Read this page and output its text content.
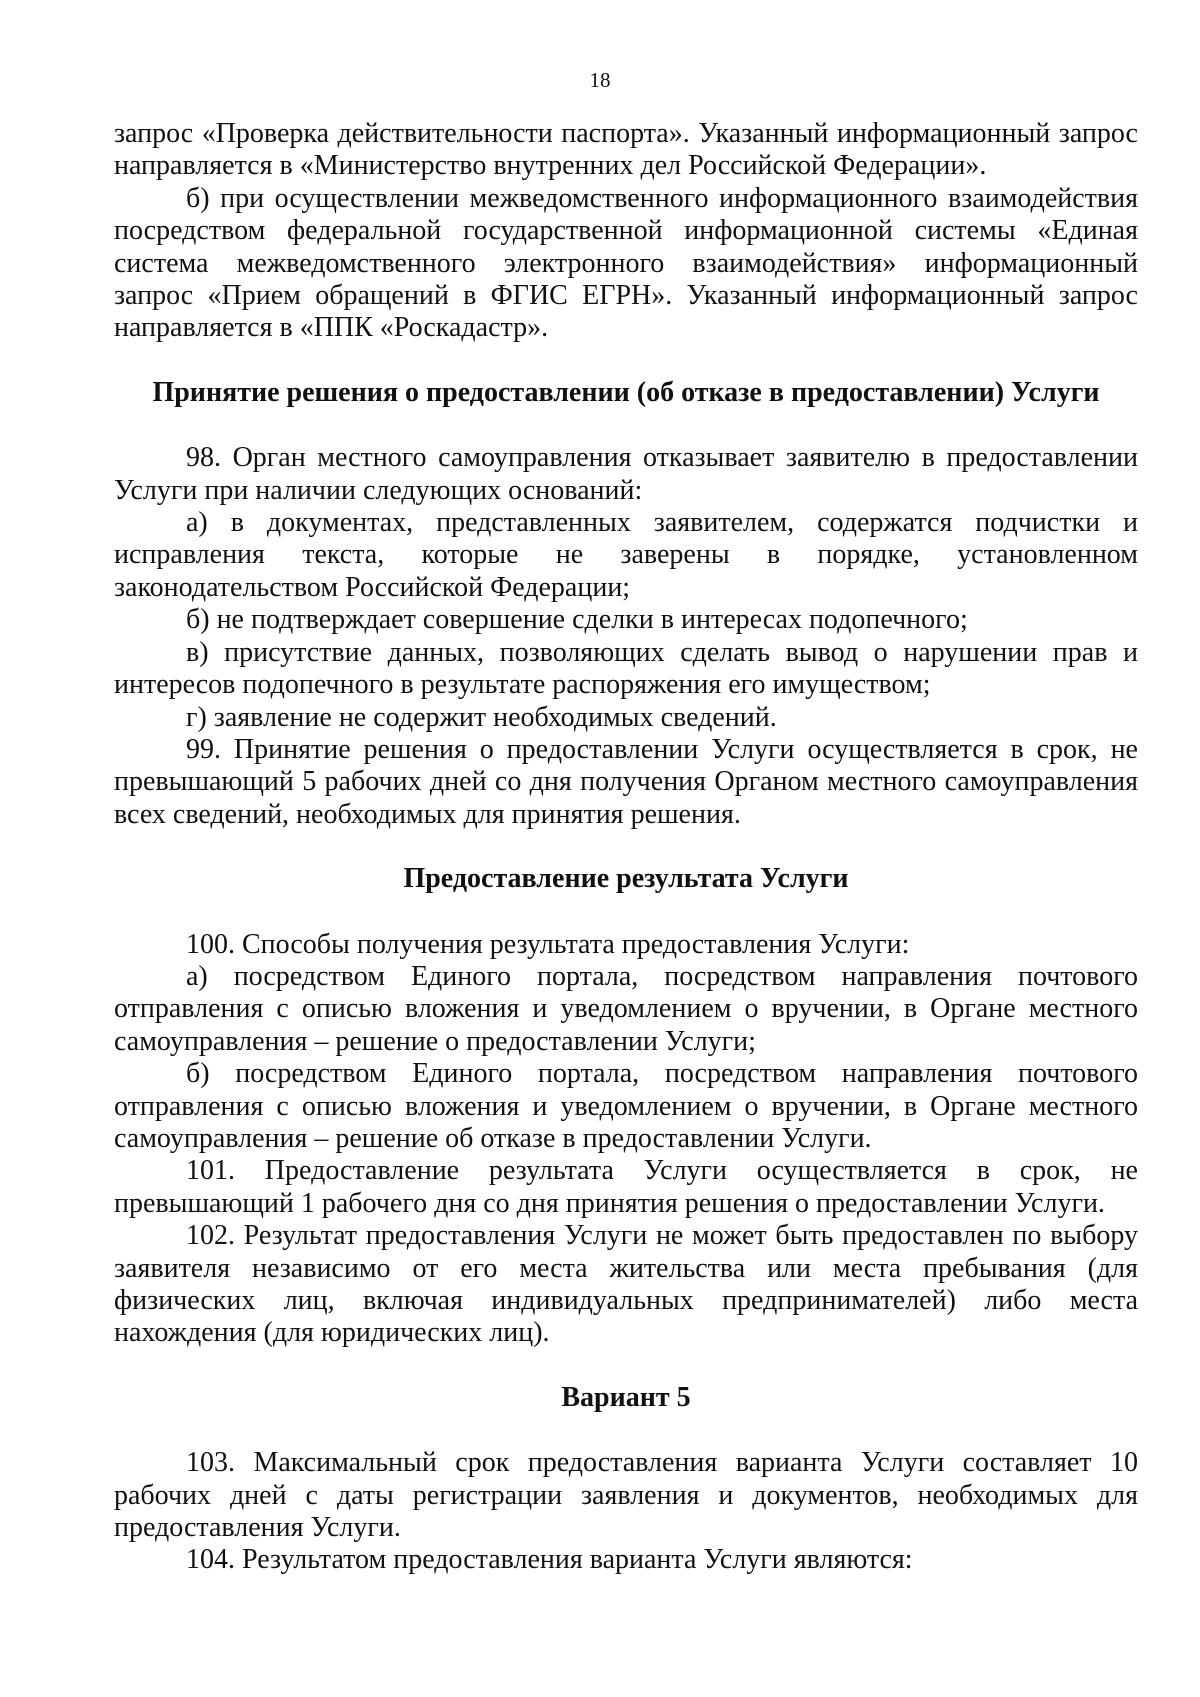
18

запрос «Проверка действительности паспорта». Указанный информационный запрос направляется в «Министерство внутренних дел Российской Федерации».

б) при осуществлении межведомственного информационного взаимодействия посредством федеральной государственной информационной системы «Единая система межведомственного электронного взаимодействия» информационный запрос «Прием обращений в ФГИС ЕГРН». Указанный информационный запрос направляется в «ППК «Роскадастр».

Принятие решения о предоставлении (об отказе в предоставлении) Услуги

98. Орган местного самоуправления отказывает заявителю в предоставлении Услуги при наличии следующих оснований:

а) в документах, представленных заявителем, содержатся подчистки и исправления текста, которые не заверены в порядке, установленном законодательством Российской Федерации;

б) не подтверждает совершение сделки в интересах подопечного;

в) присутствие данных, позволяющих сделать вывод о нарушении прав и интересов подопечного в результате распоряжения его имуществом;

г) заявление не содержит необходимых сведений.

99. Принятие решения о предоставлении Услуги осуществляется в срок, не превышающий 5 рабочих дней со дня получения Органом местного самоуправления всех сведений, необходимых для принятия решения.

Предоставление результата Услуги

100. Способы получения результата предоставления Услуги:

а) посредством Единого портала, посредством направления почтового отправления с описью вложения и уведомлением о вручении, в Органе местного самоуправления – решение о предоставлении Услуги;

б) посредством Единого портала, посредством направления почтового отправления с описью вложения и уведомлением о вручении, в Органе местного самоуправления – решение об отказе в предоставлении Услуги.

101. Предоставление результата Услуги осуществляется в срок, не превышающий 1 рабочего дня со дня принятия решения о предоставлении Услуги.

102. Результат предоставления Услуги не может быть предоставлен по выбору заявителя независимо от его места жительства или места пребывания (для физических лиц, включая индивидуальных предпринимателей) либо места нахождения (для юридических лиц).

Вариант 5

103. Максимальный срок предоставления варианта Услуги составляет 10 рабочих дней с даты регистрации заявления и документов, необходимых для предоставления Услуги.

104. Результатом предоставления варианта Услуги являются:
